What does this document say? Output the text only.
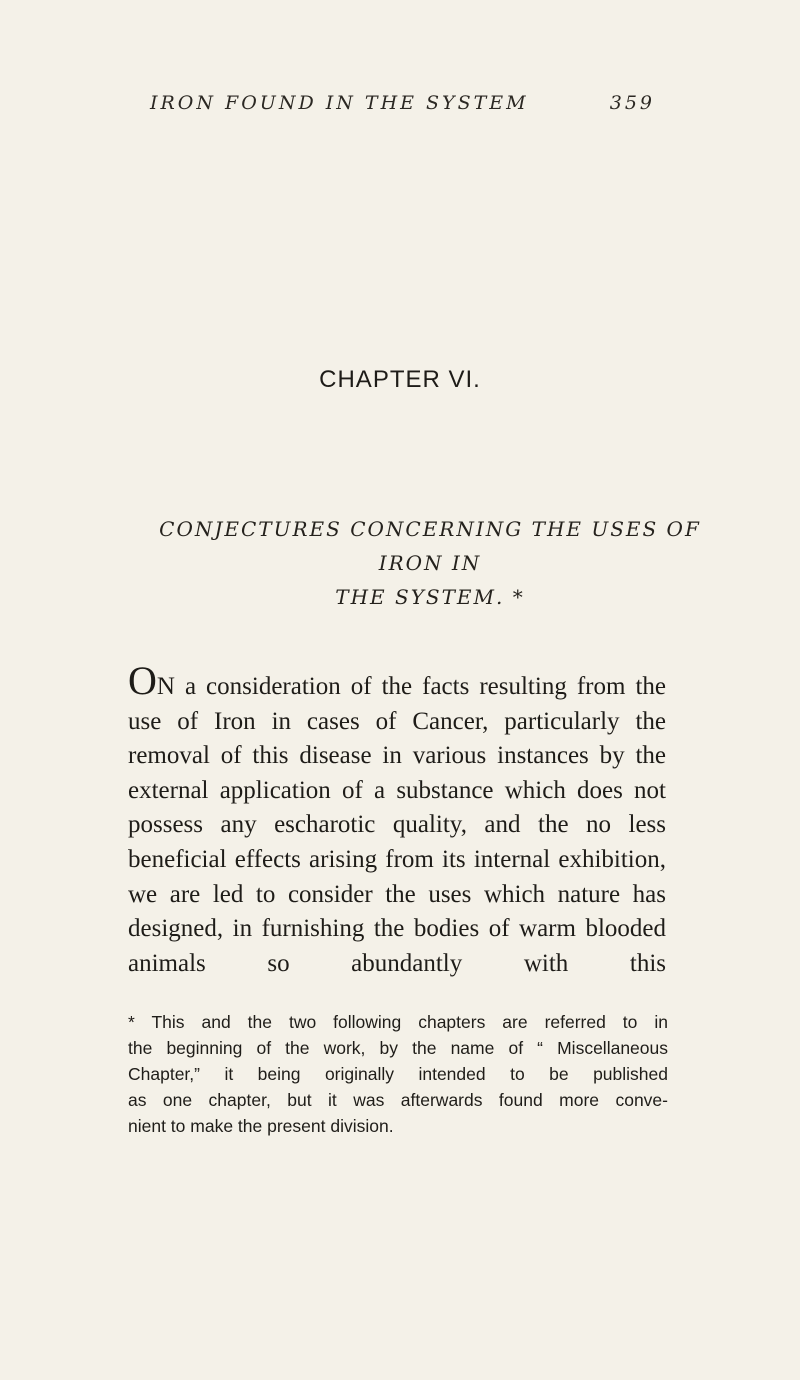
IRON FOUND IN THE SYSTEM	359
CHAPTER VI.
CONJECTURES CONCERNING THE USES OF IRON IN
THE SYSTEM. *
ON a consideration of the facts resulting from the use of Iron in cases of Cancer, particularly the removal of this disease in various instances by the external application of a substance which does not possess any escharotic quality, and the no less beneficial effects arising from its internal exhibition, we are led to consider the uses which nature has designed, in furnishing the bodies of warm blooded animals so abundantly with this
* This and the two following chapters are referred to in
the beginning of the work, by the name of “ Miscellaneous
Chapter,” it being originally intended to be published
as one chapter, but it was afterwards found more conve-
nient to make the present division.
